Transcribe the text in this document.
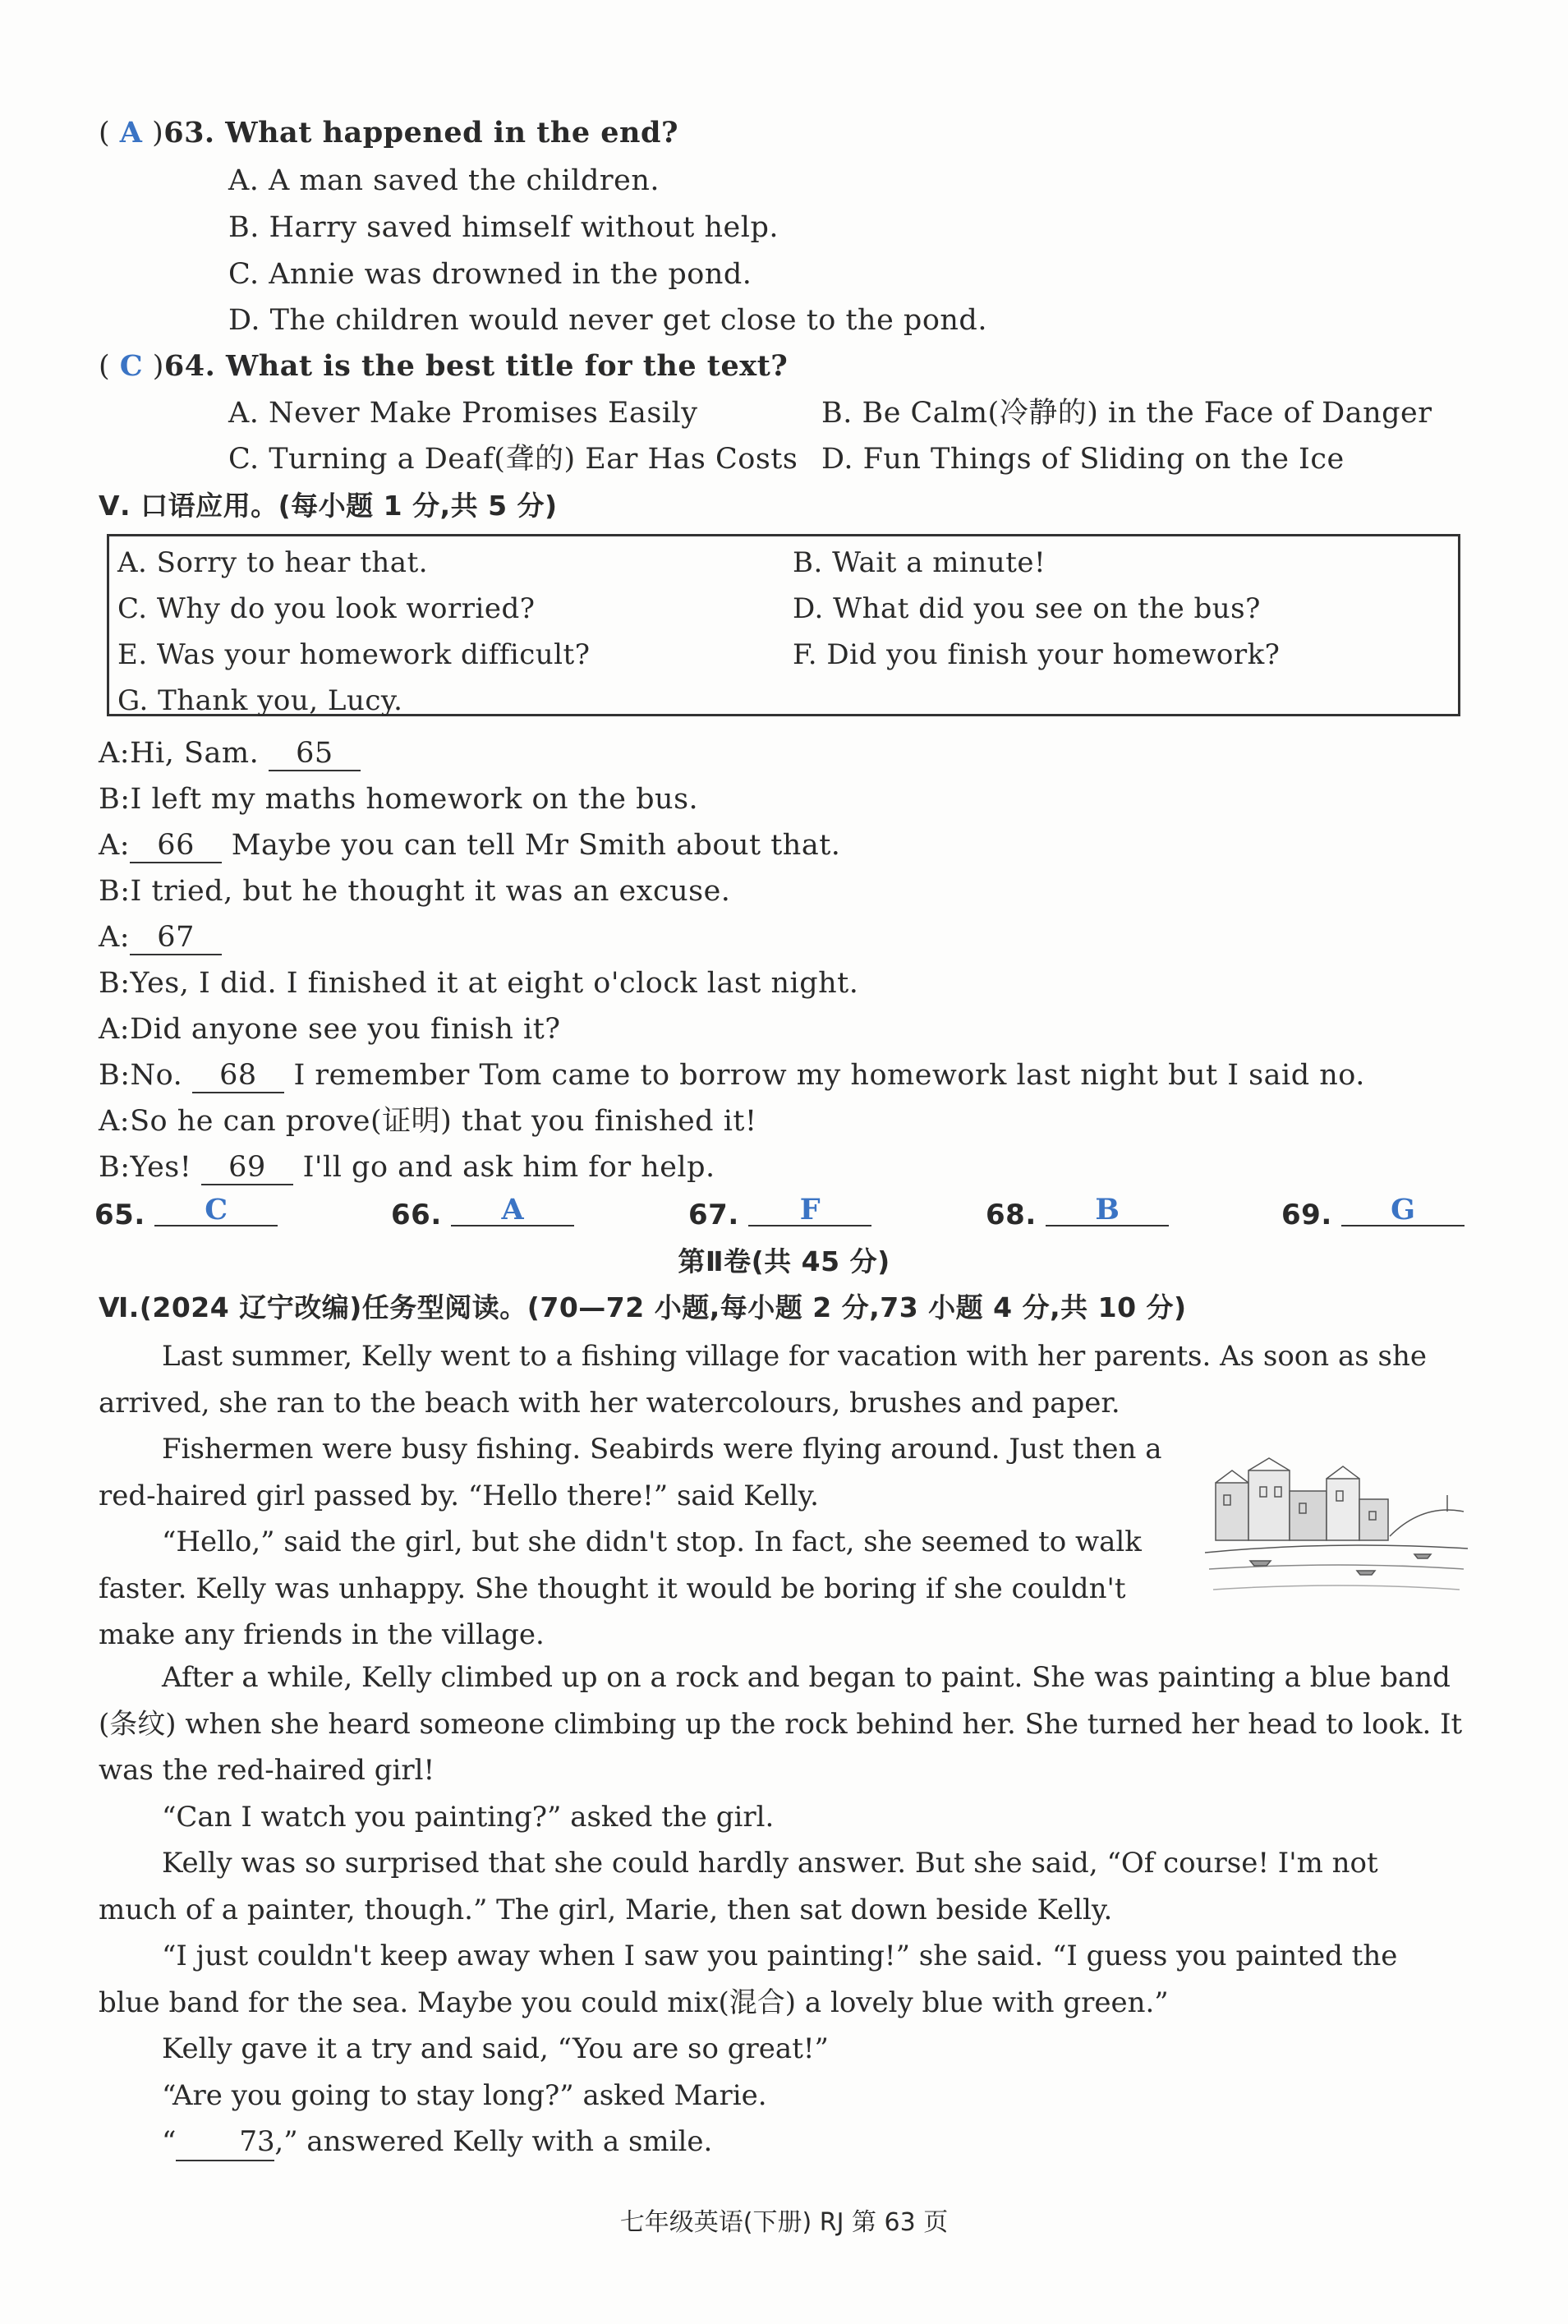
( A )63. What happened in the end?
A. A man saved the children.
B. Harry saved himself without help.
C. Annie was drowned in the pond.
D. The children would never get close to the pond.
( C )64. What is the best title for the text?
A. Never Make Promises Easily	B. Be Calm(冷静的) in the Face of Danger
C. Turning a Deaf(聋的) Ear Has Costs D. Fun Things of Sliding on the Ice
Ⅴ. 口语应用。(每小题 1 分,共 5 分)
A. Sorry to hear that.	B. Wait a minute!
C. Why do you look worried?	D. What did you see on the bus?
E. Was your homework difficult?	F. Did you finish your homework?
G. Thank you, Lucy.
A:Hi, Sam. 65
B:I left my maths homework on the bus.
A: 66 Maybe you can tell Mr Smith about that.
B:I tried, but he thought it was an excuse.
A: 67
B:Yes, I did. I finished it at eight o'clock last night.
A:Did anyone see you finish it?
B:No. 68 I remember Tom came to borrow my homework last night but I said no.
A:So he can prove(证明) that you finished it!
B:Yes! 69 I'll go and ask him for help.
65. C	66. A	67. F	68. B	69. G
第Ⅱ卷(共 45 分)
Ⅵ.(2024 辽宁改编)任务型阅读。(70—72 小题,每小题 2 分,73 小题 4 分,共 10 分)

Last summer, Kelly went to a fishing village for vacation with her parents. As soon as she arrived, she ran to the beach with her watercolours, brushes and paper.

Fishermen were busy fishing. Seabirds were flying around. Just then a red-haired girl passed by. “Hello there!” said Kelly.

“Hello,” said the girl, but she didn't stop. In fact, she seemed to walk faster. Kelly was unhappy. She thought it would be boring if she couldn't make any friends in the village.

After a while, Kelly climbed up on a rock and began to paint. She was painting a blue band (条纹) when she heard someone climbing up the rock behind her. She turned her head to look. It was the red-haired girl!

“Can I watch you painting?” asked the girl.

Kelly was so surprised that she could hardly answer. But she said, “Of course! I'm not much of a painter, though.” The girl, Marie, then sat down beside Kelly.

“I just couldn't keep away when I saw you painting!” she said. “I guess you painted the blue band for the sea. Maybe you could mix(混合) a lovely blue with green.”

Kelly gave it a try and said, “You are so great!”

“Are you going to stay long?” asked Marie.

“ 73,” answered Kelly with a smile.

七年级英语(下册) RJ 第 63 页
